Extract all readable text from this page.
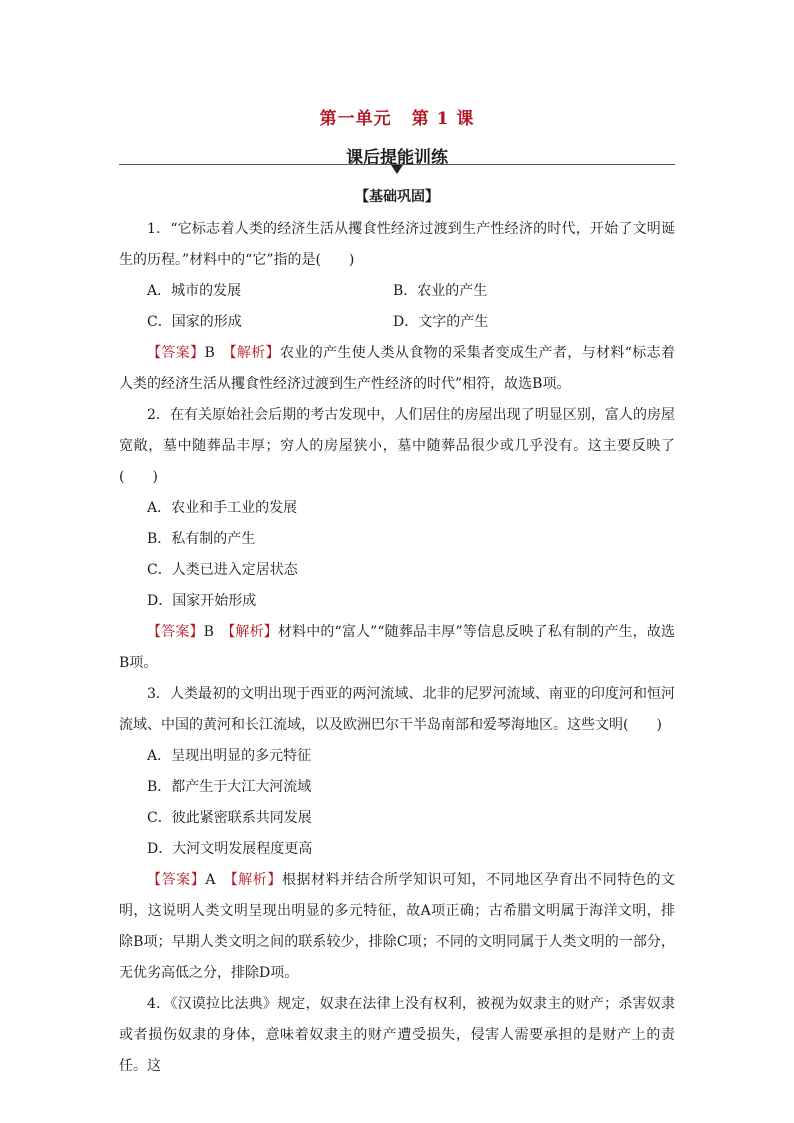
第一单元 第 1 课
课后提能训练
【基础巩固】

1．“它标志着人类的经济生活从攫食性经济过渡到生产性经济的时代，开始了文明诞生的历程。”材料中的“它”指的是(　　)

A．城市的发展	B．农业的产生
C．国家的形成	D．文字的产生

【答案】B　 【解析】农业的产生使人类从食物的采集者变成生产者，与材料“标志着人类的经济生活从攫食性经济过渡到生产性经济的时代”相符，故选B项。

2．在有关原始社会后期的考古发现中，人们居住的房屋出现了明显区别，富人的房屋宽敞，墓中随葬品丰厚；穷人的房屋狭小，墓中随葬品很少或几乎没有。这主要反映了(　　)

A．农业和手工业的发展
B．私有制的产生
C．人类已进入定居状态
D．国家开始形成

【答案】B　 【解析】材料中的“富人”“随葬品丰厚”等信息反映了私有制的产生，故选B项。

3．人类最初的文明出现于西亚的两河流域、北非的尼罗河流域、南亚的印度河和恒河流域、中国的黄河和长江流域，以及欧洲巴尔干半岛南部和爱琴海地区。这些文明(　　)

A．呈现出明显的多元特征
B．都产生于大江大河流域
C．彼此紧密联系共同发展
D．大河文明发展程度更高

【答案】A　 【解析】根据材料并结合所学知识可知，不同地区孕育出不同特色的文明，这说明人类文明呈现出明显的多元特征，故A项正确；古希腊文明属于海洋文明，排除B项；早期人类文明之间的联系较少，排除C项；不同的文明同属于人类文明的一部分，无优劣高低之分，排除D项。

4．《汉谟拉比法典》规定，奴隶在法律上没有权利，被视为奴隶主的财产；杀害奴隶或者损伤奴隶的身体，意味着奴隶主的财产遭受损失，侵害人需要承担的是财产上的责任。这
